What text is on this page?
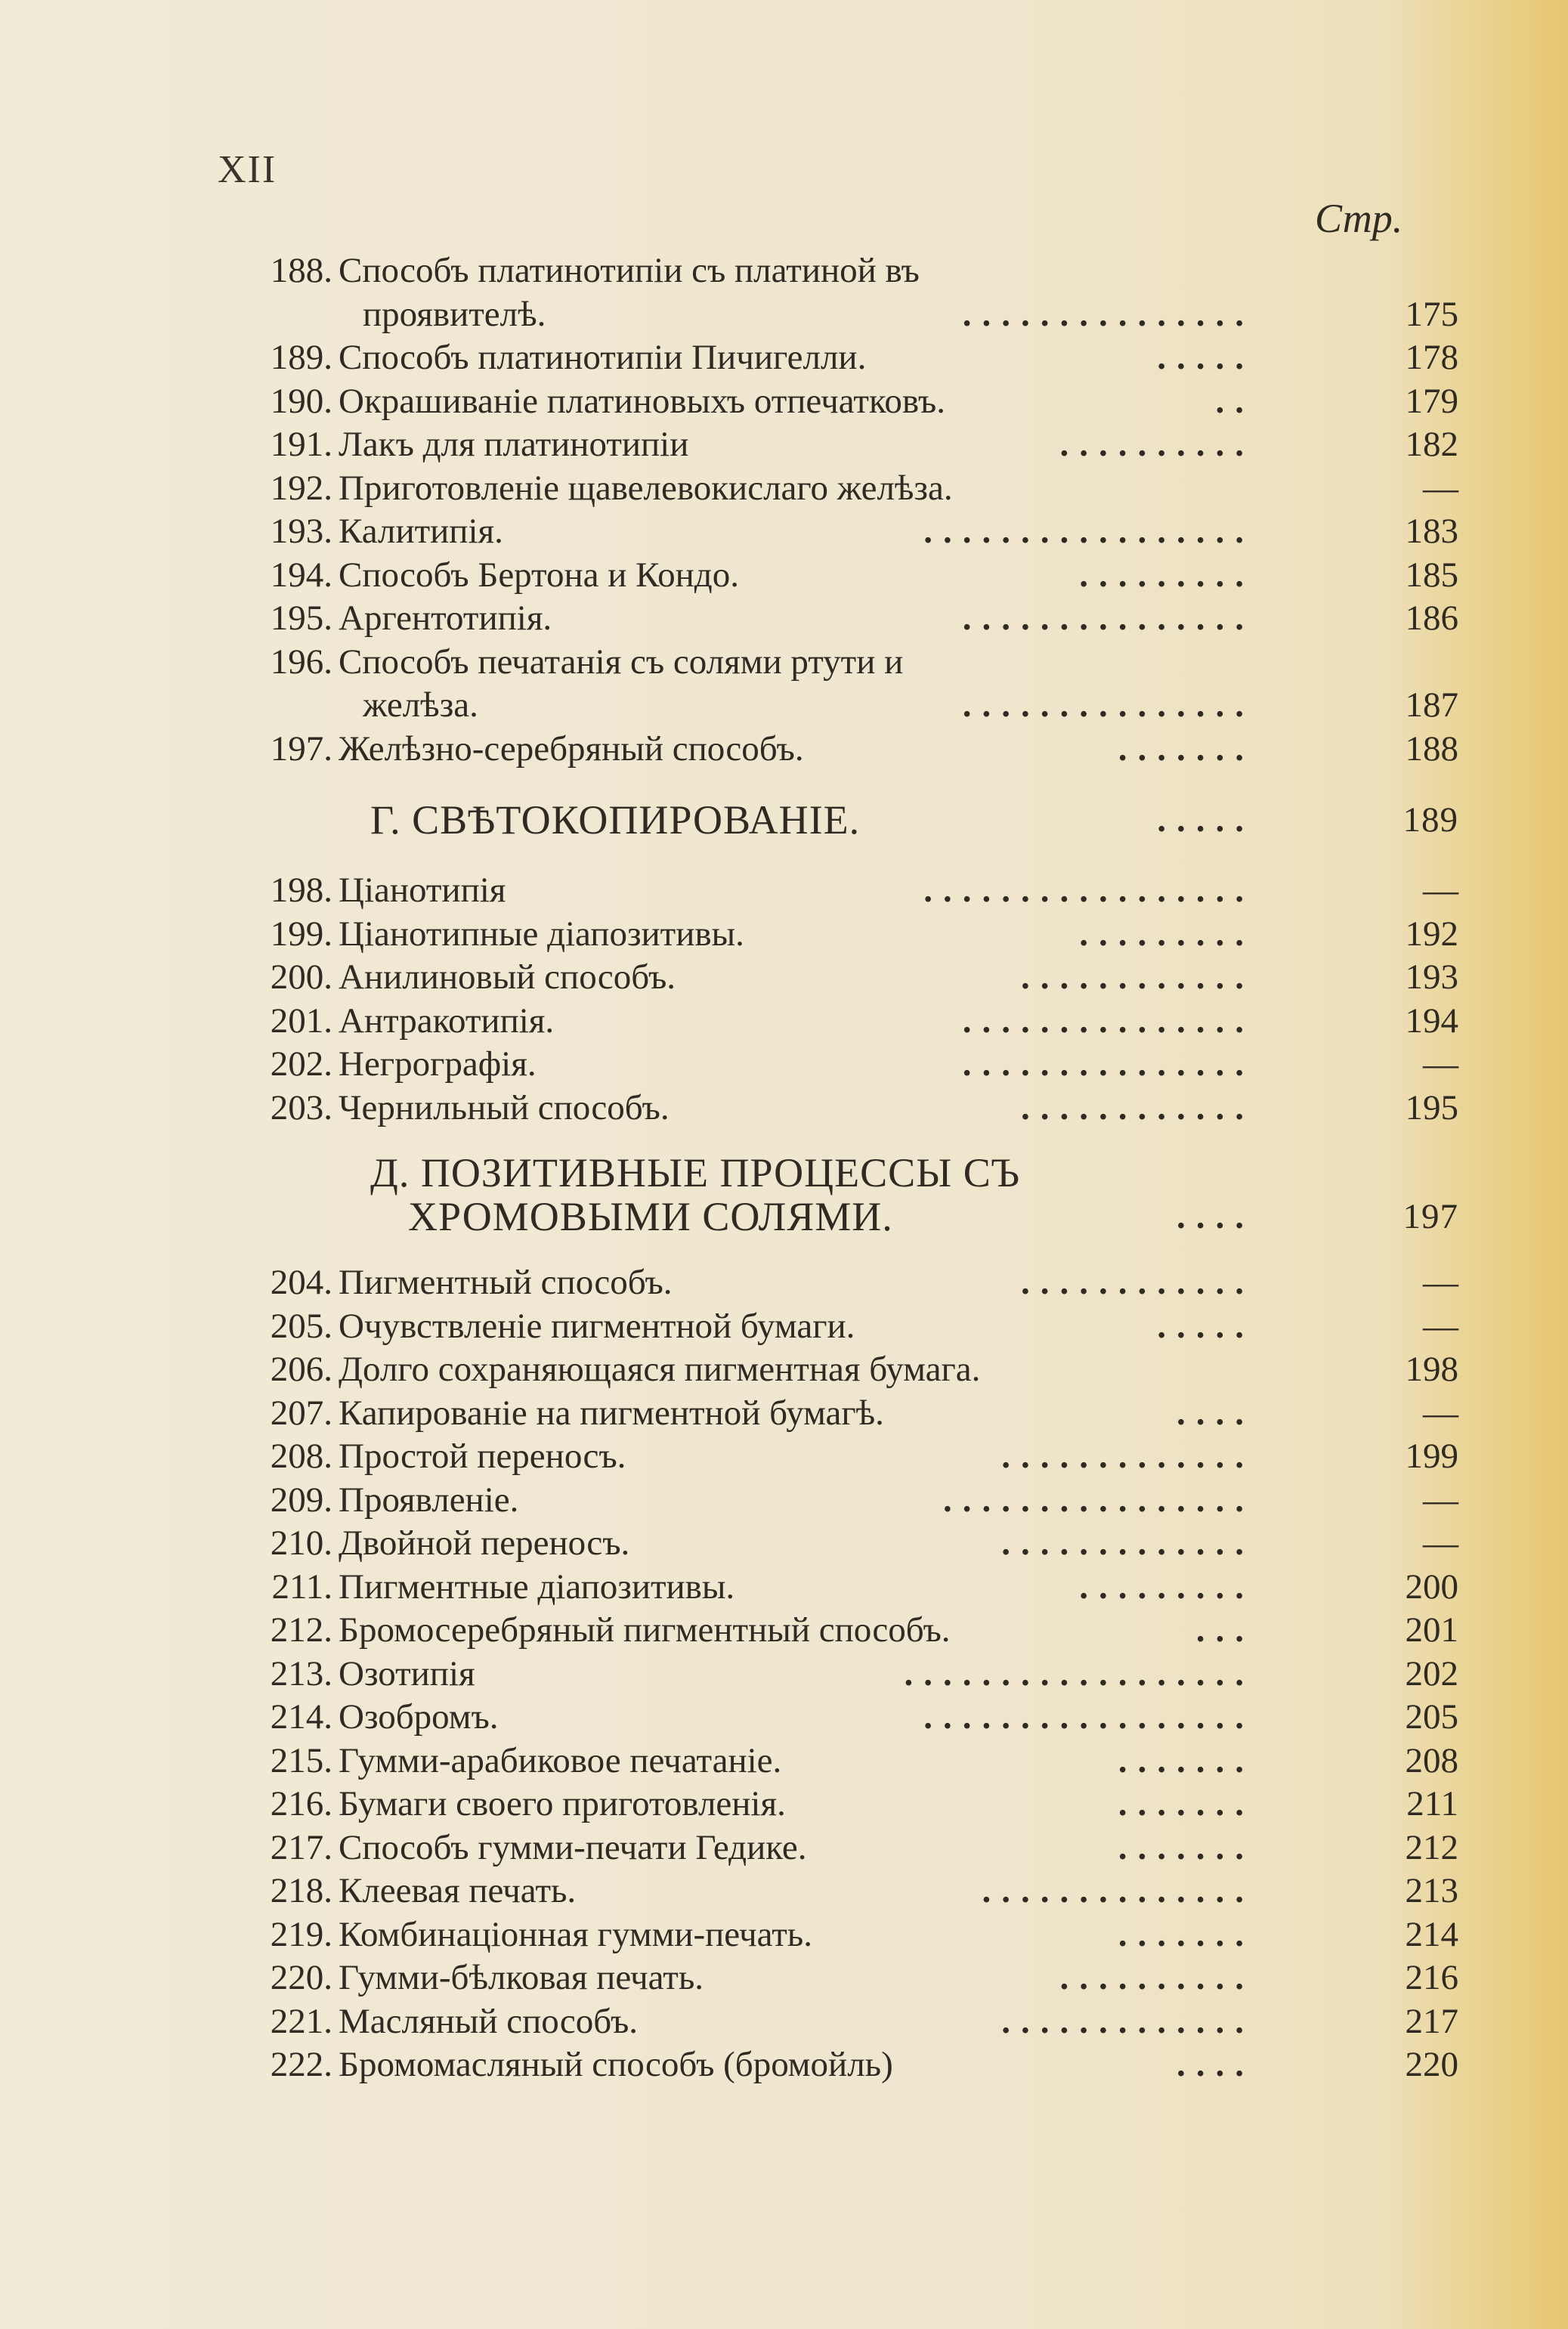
XII
Стр.
188. Способъ платинотипіи съ платиной въ
проявителѣ.	...............	175
189. Способъ платинотипіи Пичигелли.	.....	178
190. Окрашиваніе платиновыхъ отпечатковъ.	..	179
191. Лакъ для платинотипіи	..........	182
192. Приготовленіе щавелевокислаго желѣза.	—
193. Калитипія.	.................	183
194. Способъ Бертона и Кондо.	.........	185
195. Аргентотипія.	...............	186
196. Способъ печатанія съ солями ртути и
желѣза.	...............	187
197. Желѣзно-серебряный способъ.	.......	188
Г. СВѢТОКОПИРОВАНІЕ.	.....	189
198. Ціанотипія	.................	—
199. Ціанотипные діапозитивы.	.........	192
200. Анилиновый способъ.	............	193
201. Антракотипія.	...............	194
202. Негрографія.	...............	—
203. Чернильный способъ.	............	195
Д. ПОЗИТИВНЫЕ ПРОЦЕССЫ СЪ
ХРОМОВЫМИ СОЛЯМИ.	....	197
204. Пигментный способъ.	............	—
205. Очувствленіе пигментной бумаги.	.....	—
206. Долго сохраняющаяся пигментная бумага.	198
207. Капированіе на пигментной бумагѣ.	....	—
208. Простой переносъ.	.............	199
209. Проявленіе.	................	—
210. Двойной переносъ.	.............	—
211. Пигментные діапозитивы.	.........	200
212. Бромосеребряный пигментный способъ.	...	201
213. Озотипія	..................	202
214. Озобромъ.	.................	205
215. Гумми-арабиковое печатаніе.	.......	208
216. Бумаги своего приготовленія.	.......	211
217. Способъ гумми-печати Гедике.	.......	212
218. Клеевая печать.	..............	213
219. Комбинаціонная гумми-печать.	.......	214
220. Гумми-бѣлковая печать.	..........	216
221. Масляный способъ.	.............	217
222. Бромомасляный способъ (бромойль)	....	220
